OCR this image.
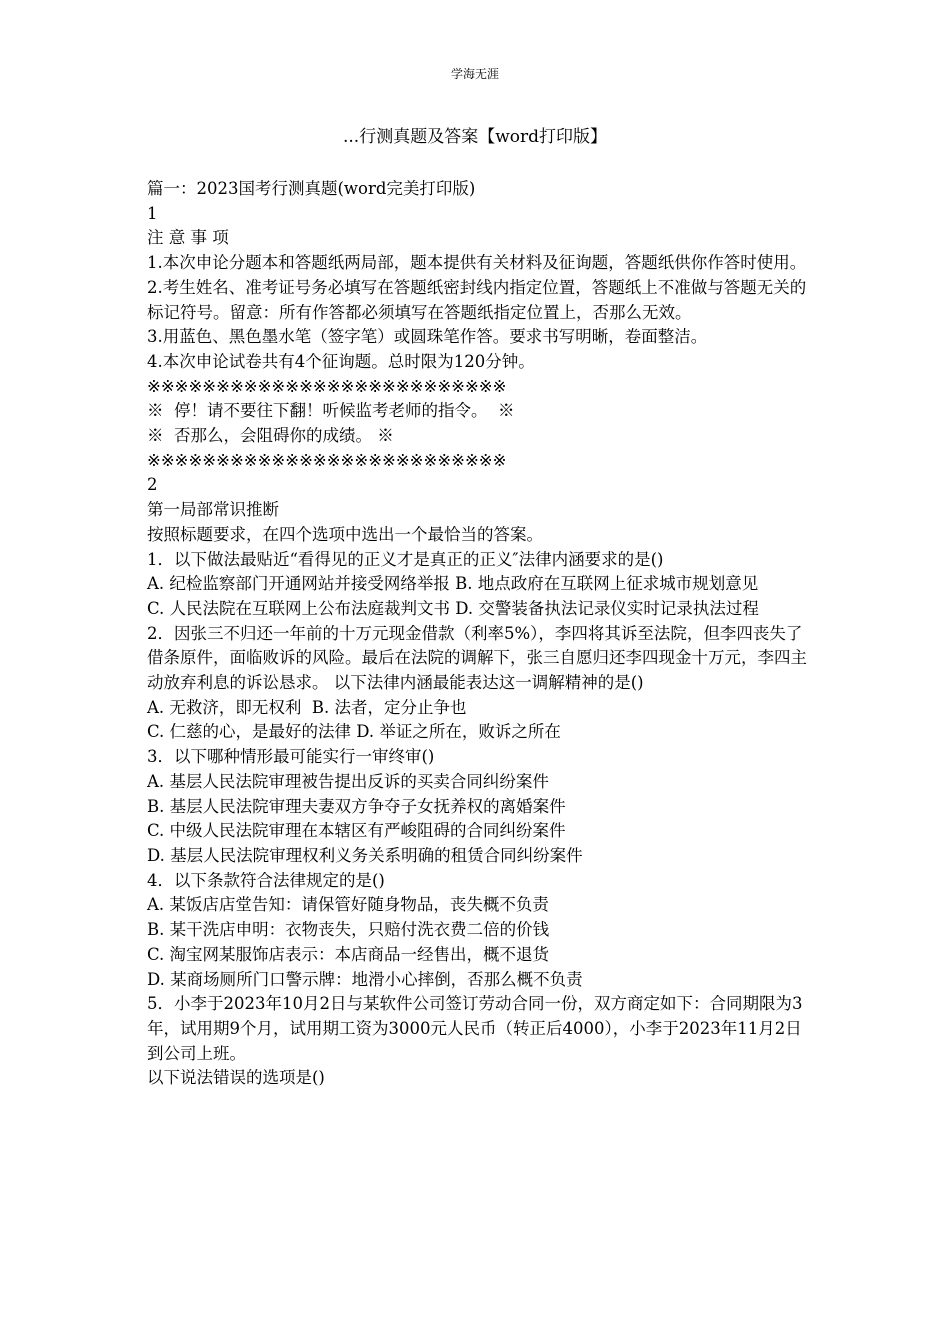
学海无涯
...行测真题及答案【word打印版】
篇一：2023国考行测真题(word完美打印版)
1
注 意 事 项
1.本次申论分题本和答题纸两局部，题本提供有关材料及征询题，答题纸供你作答时使用。
2.考生姓名、准考证号务必填写在答题纸密封线内指定位置，答题纸上不准做与答题无关的标记符号。留意：所有作答都必须填写在答题纸指定位置上，否那么无效。
3.用蓝色、黑色墨水笔（签字笔）或圆珠笔作答。要求书写明晰，卷面整洁。
4.本次申论试卷共有4个征询题。总时限为120分钟。
※※※※※※※※※※※※※※※※※※※※※※※※※※
※  停！请不要往下翻！听候监考老师的指令。  ※
※  否那么，会阻碍你的成绩。 ※
※※※※※※※※※※※※※※※※※※※※※※※※※※
2
第一局部常识推断
按照标题要求，在四个选项中选出一个最恰当的答案。
1．以下做法最贴近“看得见的正义才是真正的正义″法律内涵要求的是()
A. 纪检监察部门开通网站并接受网络举报 B. 地点政府在互联网上征求城市规划意见
C. 人民法院在互联网上公布法庭裁判文书 D. 交警装备执法记录仪实时记录执法过程
2．因张三不归还一年前的十万元现金借款（利率5%），李四将其诉至法院，但李四丧失了借条原件，面临败诉的风险。最后在法院的调解下，张三自愿归还李四现金十万元，李四主动放弃利息的诉讼恳求。 以下法律内涵最能表达这一调解精神的是()
A. 无救济，即无权利  B. 法者，定分止争也
C. 仁慈的心，是最好的法律 D. 举证之所在，败诉之所在
3．以下哪种情形最可能实行一审终审()
A. 基层人民法院审理被告提出反诉的买卖合同纠纷案件
B. 基层人民法院审理夫妻双方争夺子女抚养权的离婚案件
C. 中级人民法院审理在本辖区有严峻阻碍的合同纠纷案件
D. 基层人民法院审理权利义务关系明确的租赁合同纠纷案件
4．以下条款符合法律规定的是()
A. 某饭店店堂告知：请保管好随身物品，丧失概不负责
B. 某干洗店申明：衣物丧失，只赔付洗衣费二倍的价钱
C. 淘宝网某服饰店表示：本店商品一经售出，概不退货
D. 某商场厕所门口警示牌：地滑小心摔倒，否那么概不负责
5．小李于2023年10月2日与某软件公司签订劳动合同一份，双方商定如下：合同期限为3年，试用期9个月，试用期工资为3000元人民币（转正后4000），小李于2023年11月2日到公司上班。
以下说法错误的选项是()
